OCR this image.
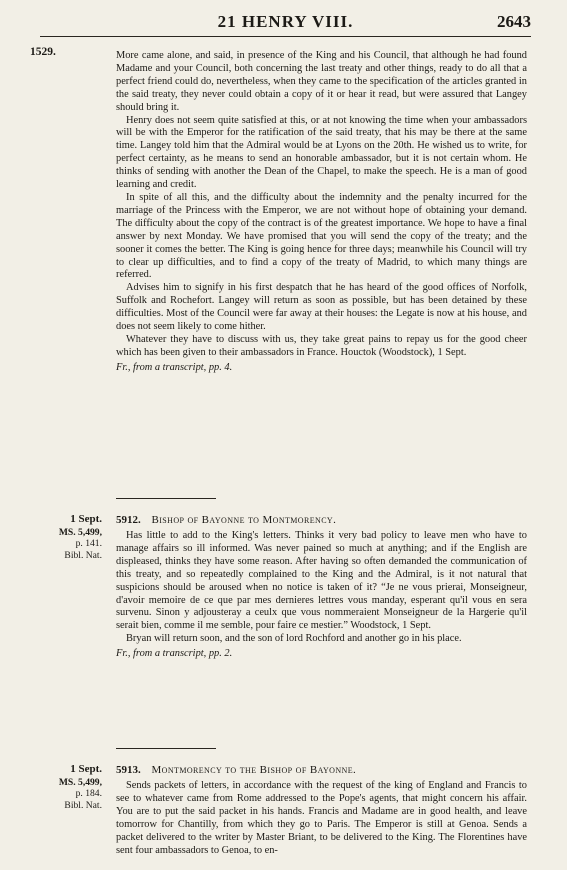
21 HENRY VIII.	2643
1529.	More came alone, and said, in presence of the King and his Council, that although he had found Madame and your Council, both concerning the last treaty and other things, ready to do all that a perfect friend could do, nevertheless, when they came to the specification of the articles granted in the said treaty, they never could obtain a copy of it or hear it read, but were assured that Langey should bring it.

Henry does not seem quite satisfied at this, or at not knowing the time when your ambassadors will be with the Emperor for the ratification of the said treaty, that his may be there at the same time. Langey told him that the Admiral would be at Lyons on the 20th. He wished us to write, for perfect certainty, as he means to send an honorable ambassador, but it is not certain whom. He thinks of sending with another the Dean of the Chapel, to make the speech. He is a man of good learning and credit.

In spite of all this, and the difficulty about the indemnity and the penalty incurred for the marriage of the Princess with the Emperor, we are not without hope of obtaining your demand. The difficulty about the copy of the contract is of the greatest importance. We hope to have a final answer by next Monday. We have promised that you will send the copy of the treaty; and the sooner it comes the better. The King is going hence for three days; meanwhile his Council will try to clear up difficulties, and to find a copy of the treaty of Madrid, to which many things are referred.

Advises him to signify in his first despatch that he has heard of the good offices of Norfolk, Suffolk and Rochefort. Langey will return as soon as possible, but has been detained by these difficulties. Most of the Council were far away at their houses: the Legate is now at his house, and does not seem likely to come hither.

Whatever they have to discuss with us, they take great pains to repay us for the good cheer which has been given to their ambassadors in France. Houctok (Woodstock), 1 Sept.

Fr., from a transcript, pp. 4.

1 Sept.
MS. 5,499,
p. 141.
Bibl. Nat.
5912. Bishop of Bayonne to Montmorency.

Has little to add to the King's letters. Thinks it very bad policy to leave men who have to manage affairs so ill informed. Was never pained so much at anything; and if the English are displeased, thinks they have some reason. After having so often demanded the communication of this treaty, and so repeatedly complained to the King and the Admiral, is it not natural that suspicions should be aroused when no notice is taken of it? “Je ne vous prierai, Monseigneur, d'avoir memoire de ce que par mes dernieres lettres vous manday, esperant qu'il vous en sera survenu. Sinon y adjousteray a ceulx que vous nommeraient Monseigneur de la Hargerie qu'il serait bien, comme il me semble, pour faire ce mestier.” Woodstock, 1 Sept.

Bryan will return soon, and the son of lord Rochford and another go in his place.

Fr., from a transcript, pp. 2.

1 Sept.
MS. 5,499,
p. 184.
Bibl. Nat.
5913. Montmorency to the Bishop of Bayonne.

Sends packets of letters, in accordance with the request of the king of England and Francis to see to whatever came from Rome addressed to the Pope's agents, that might concern his affair. You are to put the said packet in his hands. Francis and Madame are in good health, and leave tomorrow for Chantilly, from which they go to Paris. The Emperor is still at Genoa. Sends a packet delivered to the writer by Master Briant, to be delivered to the King. The Florentines have sent four ambassadors to Genoa, to en-
